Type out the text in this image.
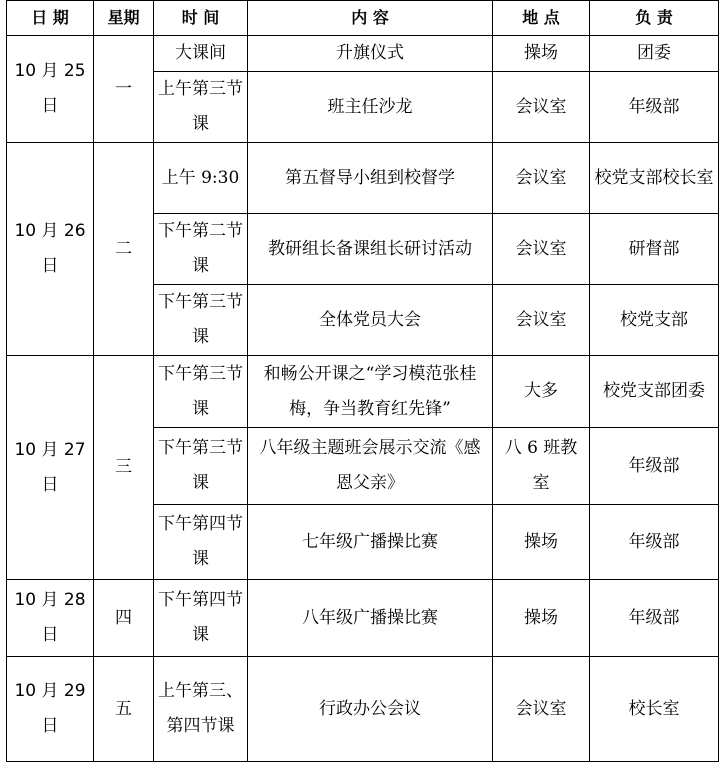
日 期	星期	时 间	内 容	地 点	负 责
10 月 25 日	一	大课间	升旗仪式	操场	团委
		上午第三节课	班主任沙龙	会议室	年级部
10 月 26 日	二	上午 9:30	第五督导小组到校督学	会议室	校党支部校长室
		下午第二节课	教研组长备课组长研讨活动	会议室	研督部
		下午第三节课	全体党员大会	会议室	校党支部
10 月 27 日	三	下午第三节课	和畅公开课之“学习模范张桂梅，争当教育红先锋”	大多	校党支部团委
		下午第三节课	八年级主题班会展示交流《感恩父亲》	八 6 班教室	年级部
		下午第四节课	七年级广播操比赛	操场	年级部
10 月 28 日	四	下午第四节课	八年级广播操比赛	操场	年级部
10 月 29 日	五	上午第三、第四节课	行政办公会议	会议室	校长室
